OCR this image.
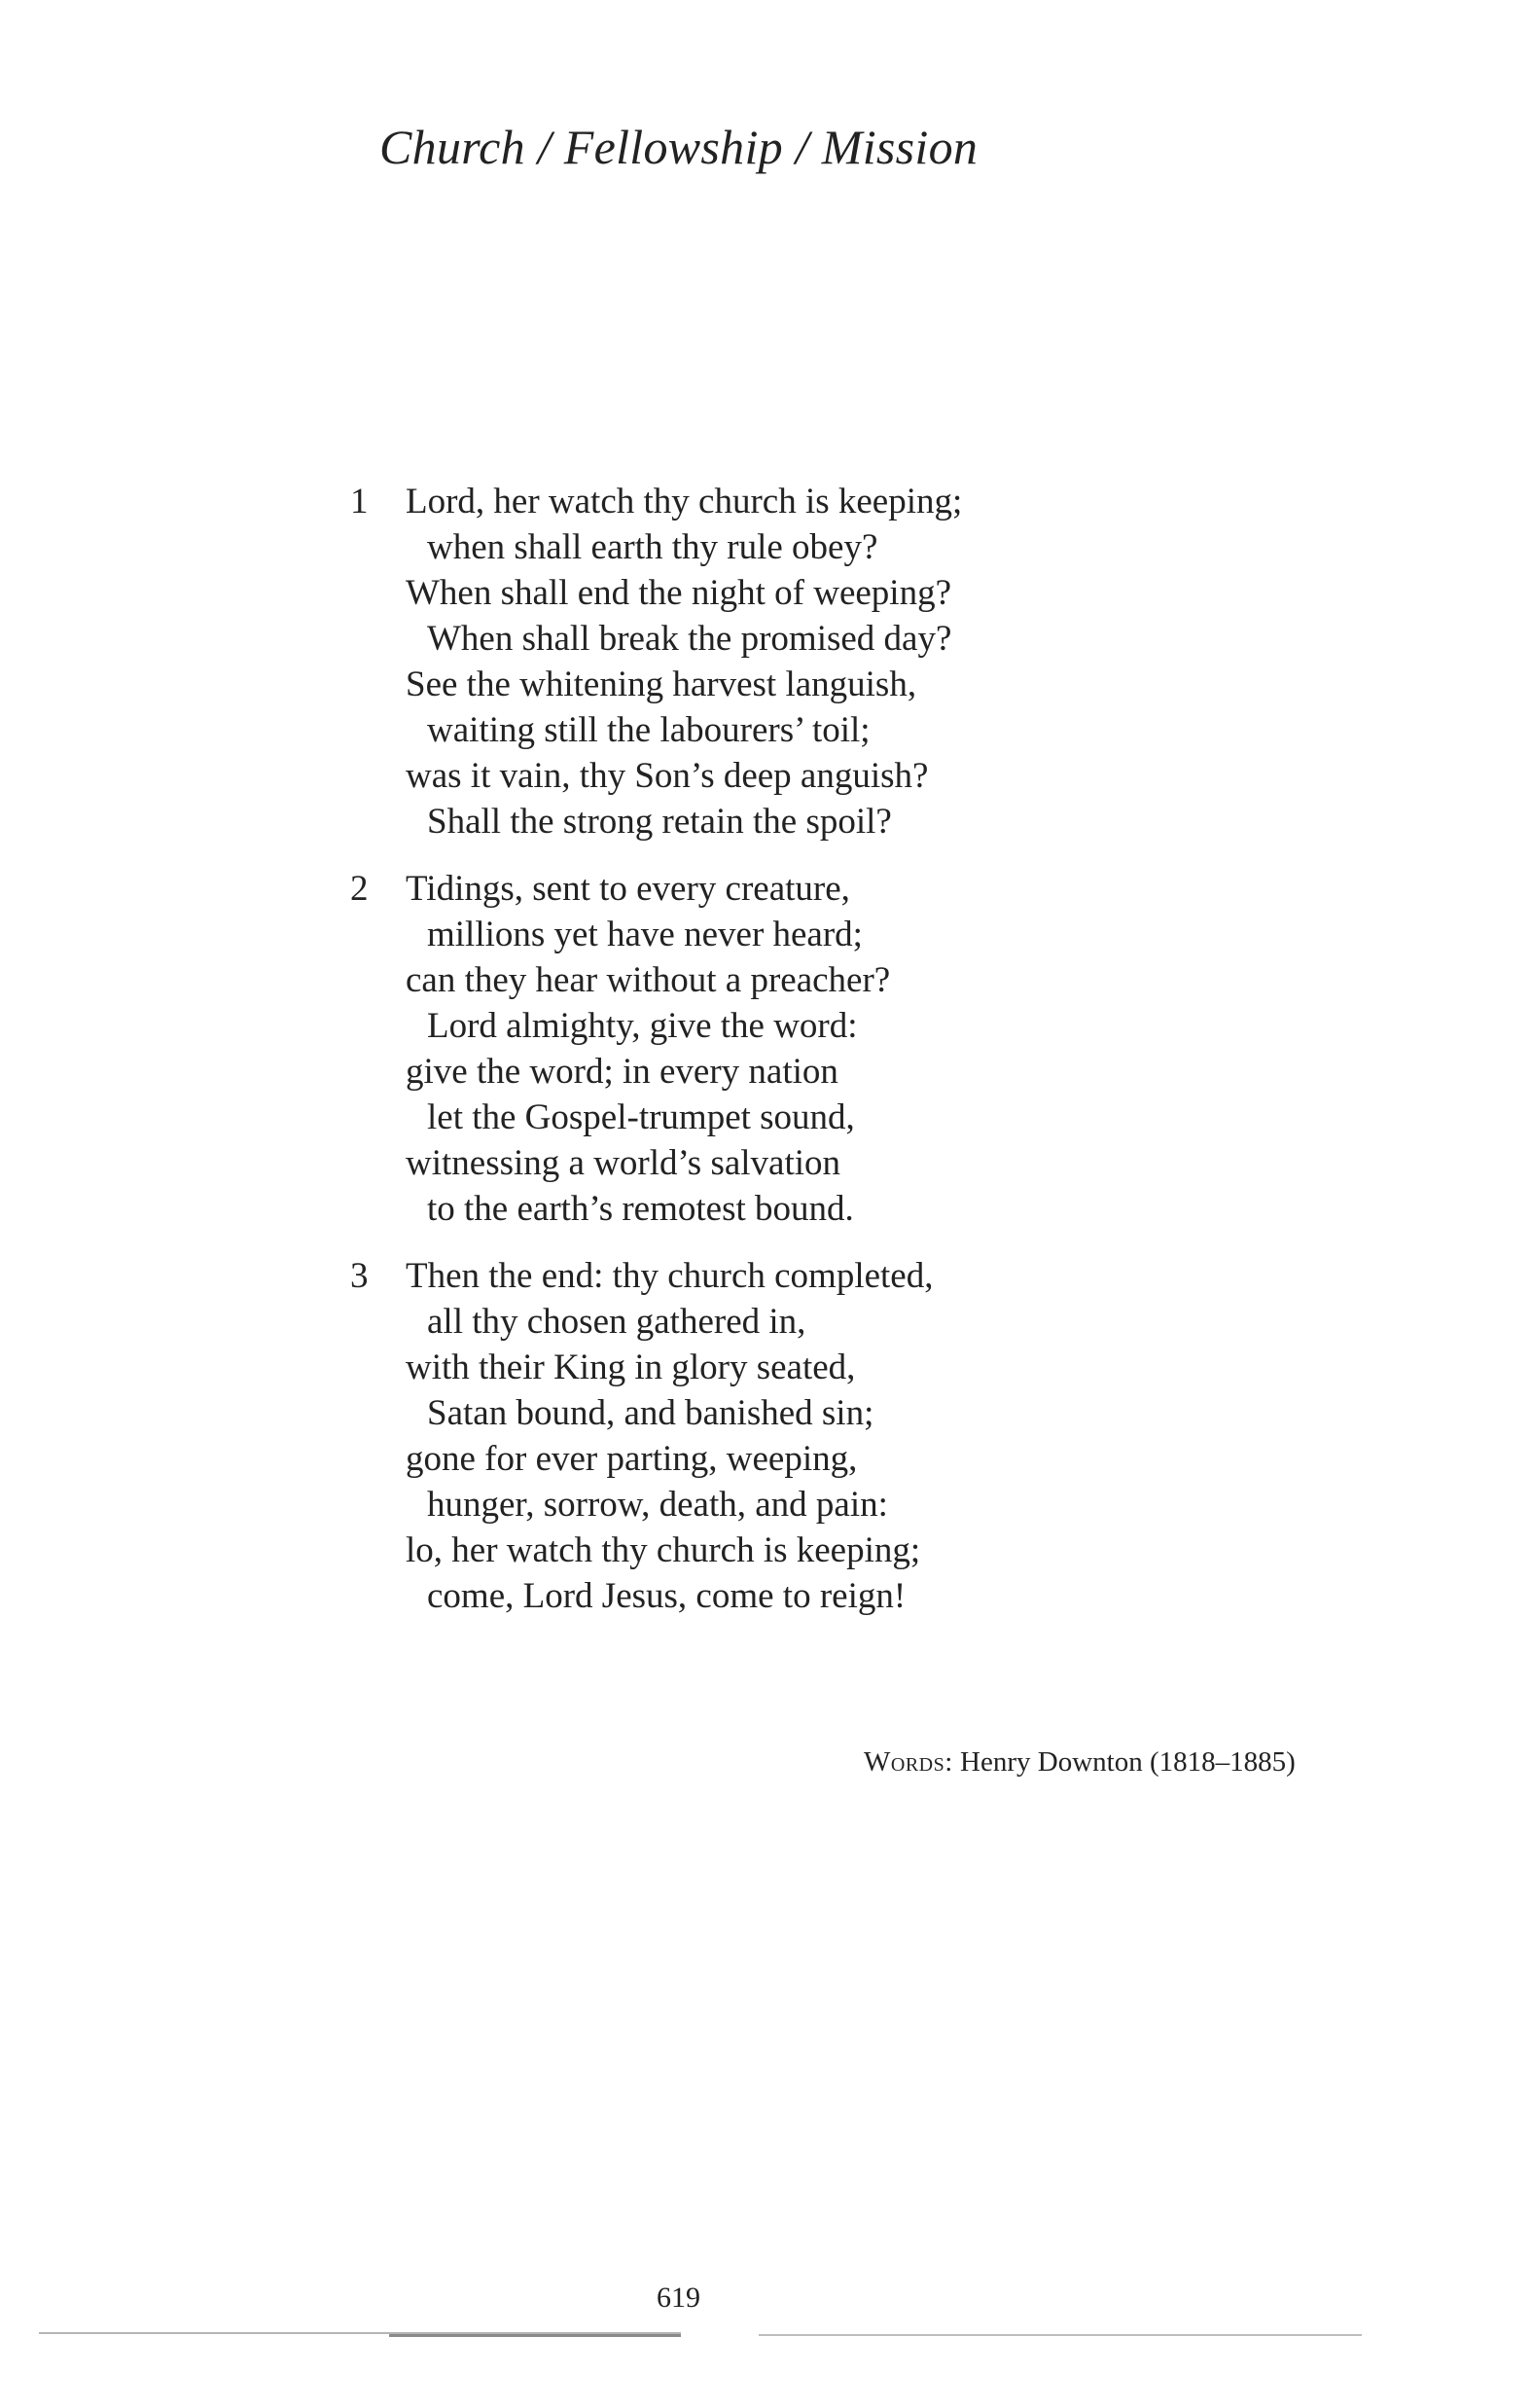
Church / Fellowship / Mission
1 Lord, her watch thy church is keeping;
when shall earth thy rule obey?
When shall end the night of weeping?
When shall break the promised day?
See the whitening harvest languish,
waiting still the labourers’ toil;
was it vain, thy Son’s deep anguish?
Shall the strong retain the spoil?
2 Tidings, sent to every creature,
millions yet have never heard;
can they hear without a preacher?
Lord almighty, give the word:
give the word; in every nation
let the Gospel-trumpet sound,
witnessing a world’s salvation
to the earth’s remotest bound.
3 Then the end: thy church completed,
all thy chosen gathered in,
with their King in glory seated,
Satan bound, and banished sin;
gone for ever parting, weeping,
hunger, sorrow, death, and pain:
lo, her watch thy church is keeping;
come, Lord Jesus, come to reign!
Words: Henry Downton (1818–1885)
619
